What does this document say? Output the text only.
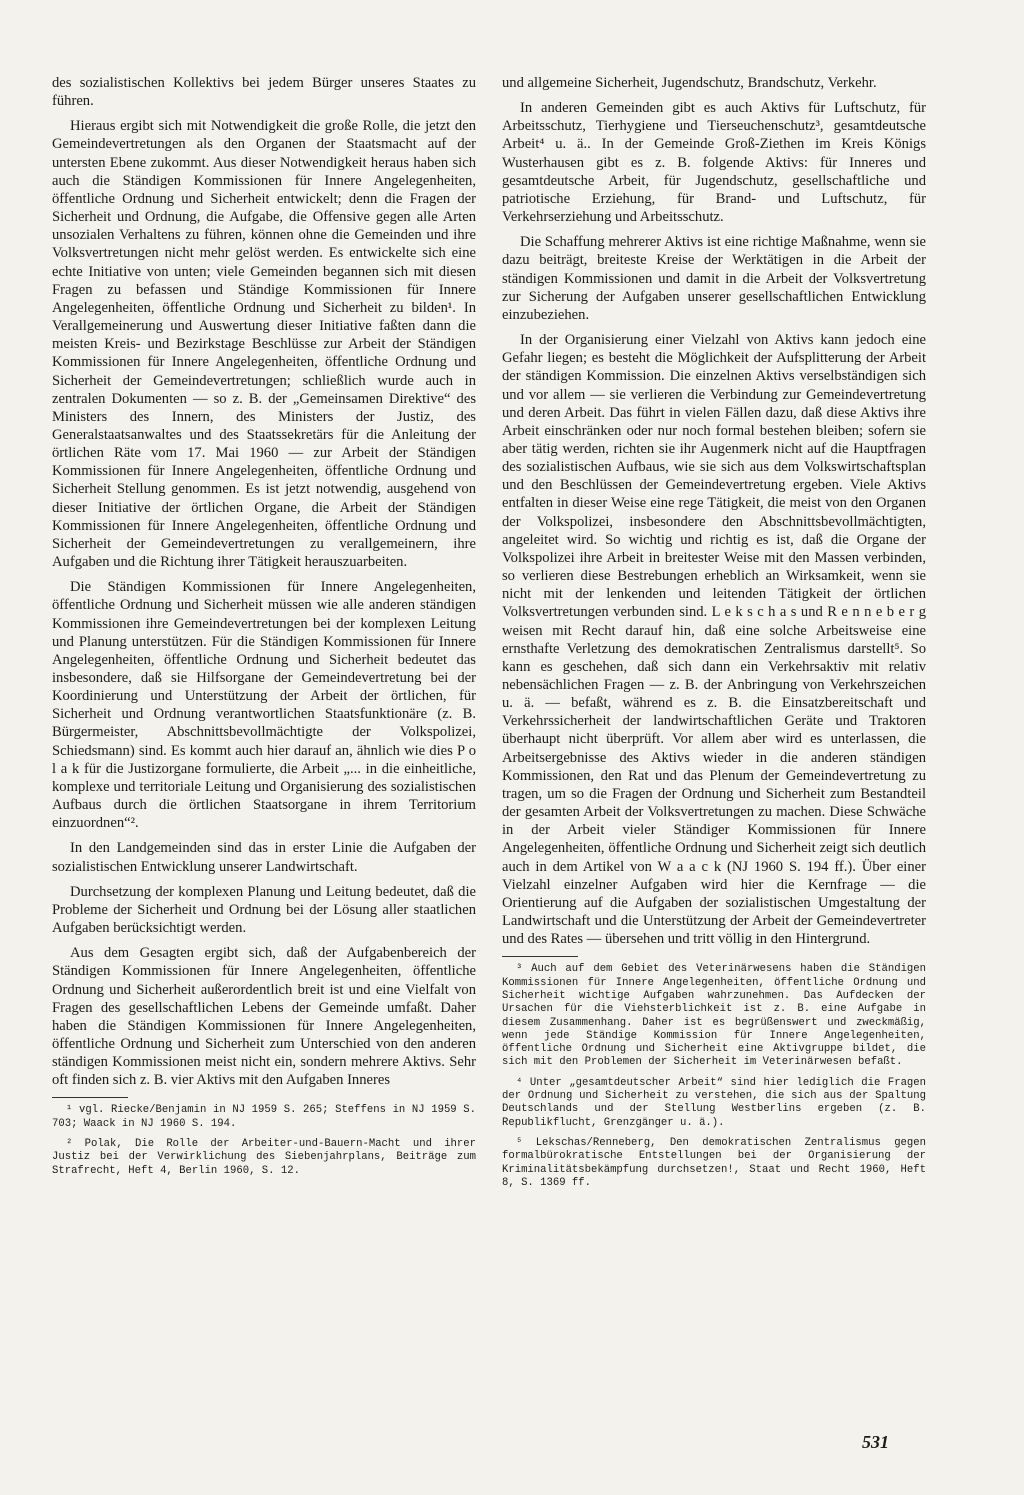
des sozialistischen Kollektivs bei jedem Bürger unseres Staates zu führen.

Hieraus ergibt sich mit Notwendigkeit die große Rolle, die jetzt den Gemeindevertretungen als den Organen der Staatsmacht auf der untersten Ebene zukommt. Aus dieser Notwendigkeit heraus haben sich auch die Ständigen Kommissionen für Innere Angelegenheiten, öffentliche Ordnung und Sicherheit entwickelt; denn die Fragen der Sicherheit und Ordnung, die Aufgabe, die Offensive gegen alle Arten unsozialen Verhaltens zu führen, können ohne die Gemeinden und ihre Volksvertretungen nicht mehr gelöst werden. Es entwickelte sich eine echte Initiative von unten; viele Gemeinden begannen sich mit diesen Fragen zu befassen und Ständige Kommissionen für Innere Angelegenheiten, öffentliche Ordnung und Sicherheit zu bilden¹. In Verallgemeinerung und Auswertung dieser Initiative faßten dann die meisten Kreis- und Bezirkstage Beschlüsse zur Arbeit der Ständigen Kommissionen für Innere Angelegenheiten, öffentliche Ordnung und Sicherheit der Gemeindevertretungen; schließlich wurde auch in zentralen Dokumenten — so z. B. der „Gemeinsamen Direktive“ des Ministers des Innern, des Ministers der Justiz, des Generalstaatsanwaltes und des Staatssekretärs für die Anleitung der örtlichen Räte vom 17. Mai 1960 — zur Arbeit der Ständigen Kommissionen für Innere Angelegenheiten, öffentliche Ordnung und Sicherheit Stellung genommen. Es ist jetzt notwendig, ausgehend von dieser Initiative der örtlichen Organe, die Arbeit der Ständigen Kommissionen für Innere Angelegenheiten, öffentliche Ordnung und Sicherheit der Gemeindevertretungen zu verallgemeinern, ihre Aufgaben und die Richtung ihrer Tätigkeit herauszuarbeiten.

Die Ständigen Kommissionen für Innere Angelegenheiten, öffentliche Ordnung und Sicherheit müssen wie alle anderen ständigen Kommissionen ihre Gemeindevertretungen bei der komplexen Leitung und Planung unterstützen. Für die Ständigen Kommissionen für Innere Angelegenheiten, öffentliche Ordnung und Sicherheit bedeutet das insbesondere, daß sie Hilfsorgane der Gemeindevertretung bei der Koordinierung und Unterstützung der Arbeit der örtlichen, für Sicherheit und Ordnung verantwortlichen Staatsfunktionäre (z. B. Bürgermeister, Abschnittsbevollmächtigte der Volkspolizei, Schiedsmann) sind. Es kommt auch hier darauf an, ähnlich wie dies P o l a k für die Justizorgane formulierte, die Arbeit „... in die einheitliche, komplexe und territoriale Leitung und Organisierung des sozialistischen Aufbaus durch die örtlichen Staatsorgane in ihrem Territorium einzuordnen“².

In den Landgemeinden sind das in erster Linie die Aufgaben der sozialistischen Entwicklung unserer Landwirtschaft.

Durchsetzung der komplexen Planung und Leitung bedeutet, daß die Probleme der Sicherheit und Ordnung bei der Lösung aller staatlichen Aufgaben berücksichtigt werden.

Aus dem Gesagten ergibt sich, daß der Aufgabenbereich der Ständigen Kommissionen für Innere Angelegenheiten, öffentliche Ordnung und Sicherheit außerordentlich breit ist und eine Vielfalt von Fragen des gesellschaftlichen Lebens der Gemeinde umfaßt. Daher haben die Ständigen Kommissionen für Innere Angelegenheiten, öffentliche Ordnung und Sicherheit zum Unterschied von den anderen ständigen Kommissionen meist nicht ein, sondern mehrere Aktivs. Sehr oft finden sich z. B. vier Aktivs mit den Aufgaben Inneres

¹ vgl. Riecke/Benjamin in NJ 1959 S. 265; Steffens in NJ 1959 S. 703; Waack in NJ 1960 S. 194.

² Polak, Die Rolle der Arbeiter-und-Bauern-Macht und ihrer Justiz bei der Verwirklichung des Siebenjahrplans, Beiträge zum Strafrecht, Heft 4, Berlin 1960, S. 12.

und allgemeine Sicherheit, Jugendschutz, Brandschutz, Verkehr.

In anderen Gemeinden gibt es auch Aktivs für Luftschutz, für Arbeitsschutz, Tierhygiene und Tierseuchenschutz³, gesamtdeutsche Arbeit⁴ u. ä.. In der Gemeinde Groß-Ziethen im Kreis Königs Wusterhausen gibt es z. B. folgende Aktivs: für Inneres und gesamtdeutsche Arbeit, für Jugendschutz, gesellschaftliche und patriotische Erziehung, für Brand- und Luftschutz, für Verkehrserziehung und Arbeitsschutz.

Die Schaffung mehrerer Aktivs ist eine richtige Maßnahme, wenn sie dazu beiträgt, breiteste Kreise der Werktätigen in die Arbeit der ständigen Kommissionen und damit in die Arbeit der Volksvertretung zur Sicherung der Aufgaben unserer gesellschaftlichen Entwicklung einzubeziehen.

In der Organisierung einer Vielzahl von Aktivs kann jedoch eine Gefahr liegen; es besteht die Möglichkeit der Aufsplitterung der Arbeit der ständigen Kommission. Die einzelnen Aktivs verselbständigen sich und vor allem — sie verlieren die Verbindung zur Gemeindevertretung und deren Arbeit. Das führt in vielen Fällen dazu, daß diese Aktivs ihre Arbeit einschränken oder nur noch formal bestehen bleiben; sofern sie aber tätig werden, richten sie ihr Augenmerk nicht auf die Hauptfragen des sozialistischen Aufbaus, wie sie sich aus dem Volkswirtschaftsplan und den Beschlüssen der Gemeindevertretung ergeben. Viele Aktivs entfalten in dieser Weise eine rege Tätigkeit, die meist von den Organen der Volkspolizei, insbesondere den Abschnittsbevollmächtigten, angeleitet wird. So wichtig und richtig es ist, daß die Organe der Volkspolizei ihre Arbeit in breitester Weise mit den Massen verbinden, so verlieren diese Bestrebungen erheblich an Wirksamkeit, wenn sie nicht mit der lenkenden und leitenden Tätigkeit der örtlichen Volksvertretungen verbunden sind. L e k s c h a s und R e n n e b e r g weisen mit Recht darauf hin, daß eine solche Arbeitsweise eine ernsthafte Verletzung des demokratischen Zentralismus darstellt⁵. So kann es geschehen, daß sich dann ein Verkehrsaktiv mit relativ nebensächlichen Fragen — z. B. der Anbringung von Verkehrszeichen u. ä. — befaßt, während es z. B. die Einsatzbereitschaft und Verkehrssicherheit der landwirtschaftlichen Geräte und Traktoren überhaupt nicht überprüft. Vor allem aber wird es unterlassen, die Arbeitsergebnisse des Aktivs wieder in die anderen ständigen Kommissionen, den Rat und das Plenum der Gemeindevertretung zu tragen, um so die Fragen der Ordnung und Sicherheit zum Bestandteil der gesamten Arbeit der Volksvertretungen zu machen. Diese Schwäche in der Arbeit vieler Ständiger Kommissionen für Innere Angelegenheiten, öffentliche Ordnung und Sicherheit zeigt sich deutlich auch in dem Artikel von W a a c k (NJ 1960 S. 194 ff.). Über einer Vielzahl einzelner Aufgaben wird hier die Kernfrage — die Orientierung auf die Aufgaben der sozialistischen Umgestaltung der Landwirtschaft und die Unterstützung der Arbeit der Gemeindevertreter und des Rates — übersehen und tritt völlig in den Hintergrund.

³ Auch auf dem Gebiet des Veterinärwesens haben die Ständigen Kommissionen für Innere Angelegenheiten, öffentliche Ordnung und Sicherheit wichtige Aufgaben wahrzunehmen. Das Aufdecken der Ursachen für die Viehsterblichkeit ist z. B. eine Aufgabe in diesem Zusammenhang. Daher ist es begrüßenswert und zweckmäßig, wenn jede Ständige Kommission für Innere Angelegenheiten, öffentliche Ordnung und Sicherheit eine Aktivgruppe bildet, die sich mit den Problemen der Sicherheit im Veterinärwesen befaßt.

⁴ Unter „gesamtdeutscher Arbeit“ sind hier lediglich die Fragen der Ordnung und Sicherheit zu verstehen, die sich aus der Spaltung Deutschlands und der Stellung Westberlins ergeben (z. B. Republikflucht, Grenzgänger u. ä.).

⁵ Lekschas/Renneberg, Den demokratischen Zentralismus gegen formalbürokratische Entstellungen bei der Organisierung der Kriminalitätsbekämpfung durchsetzen!, Staat und Recht 1960, Heft 8, S. 1369 ff.

531
